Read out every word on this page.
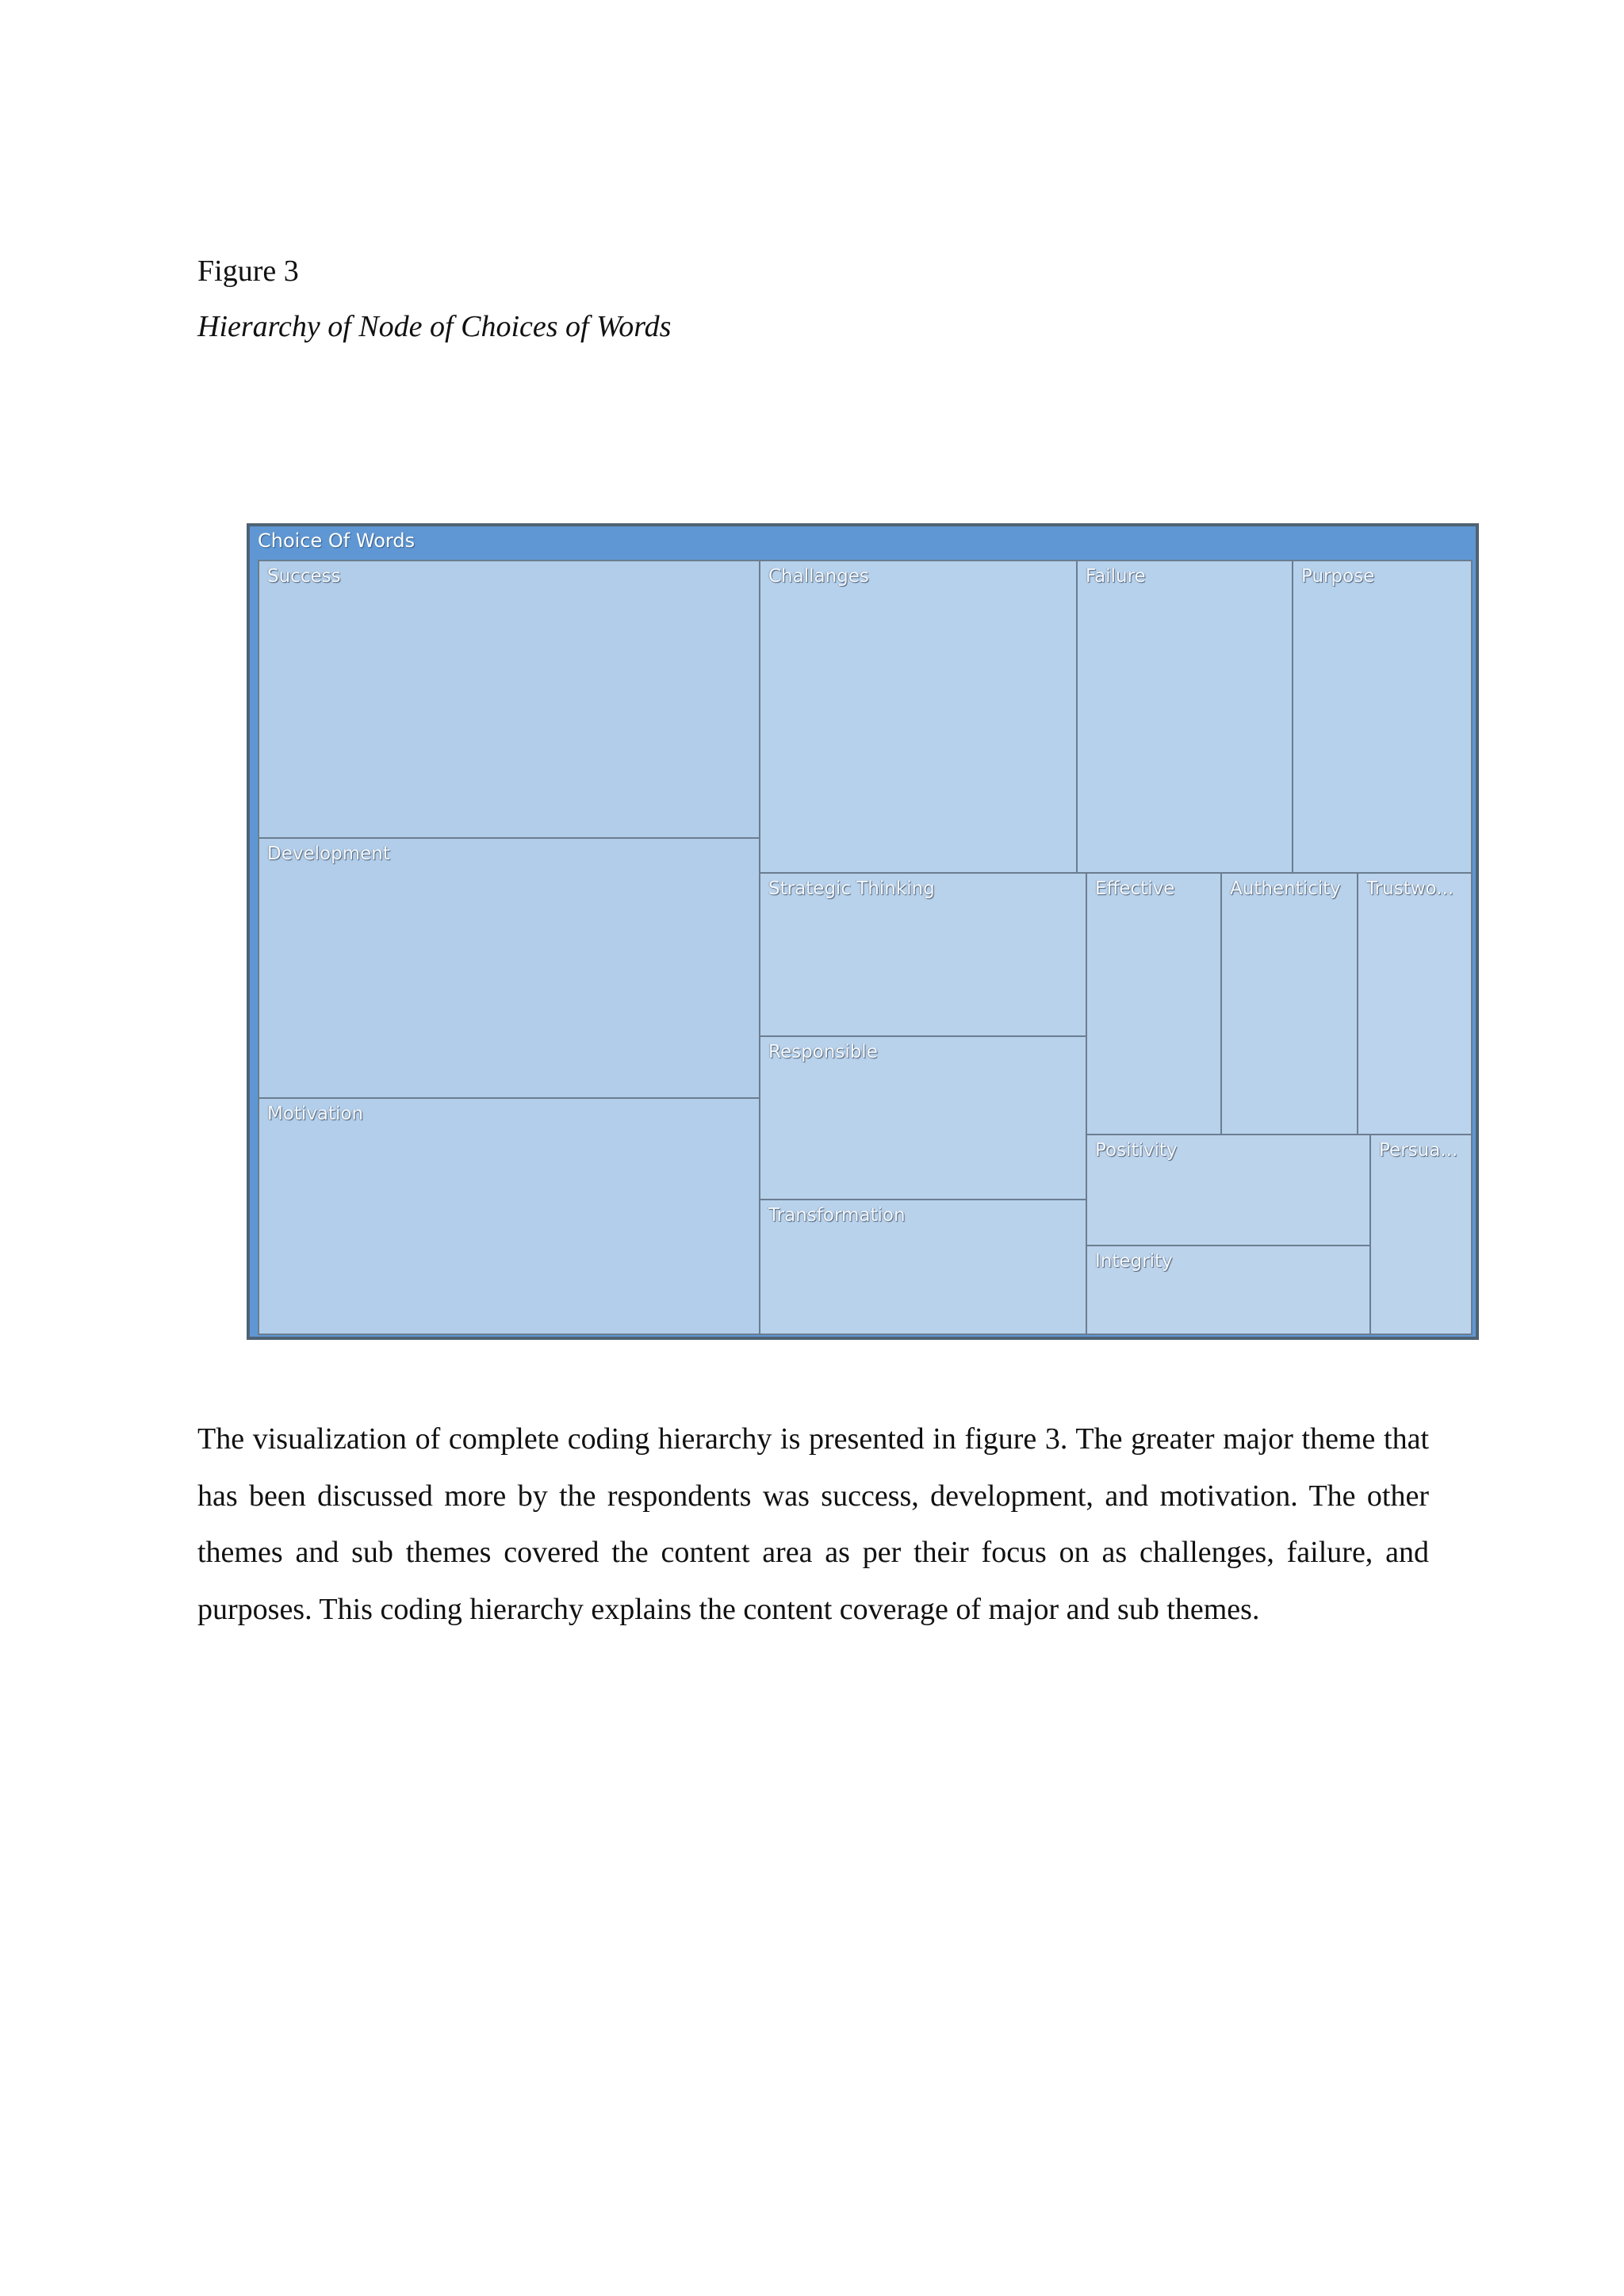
Figure 3

Hierarchy of Node of Choices of Words

Choice Of Words
Success
Development
Motivation
Challanges	Failure	Purpose
Strategic Thinking
Responsible
Transformation
Effective	Authenticity Trustwo...
Positivity
Integrity
Persua...

The visualization of complete coding hierarchy is presented in figure 3. The greater major theme that has been discussed more by the respondents was success, development, and motivation. The other themes and sub themes covered the content area as per their focus on as challenges, failure, and purposes. This coding hierarchy explains the content coverage of major and sub themes.
